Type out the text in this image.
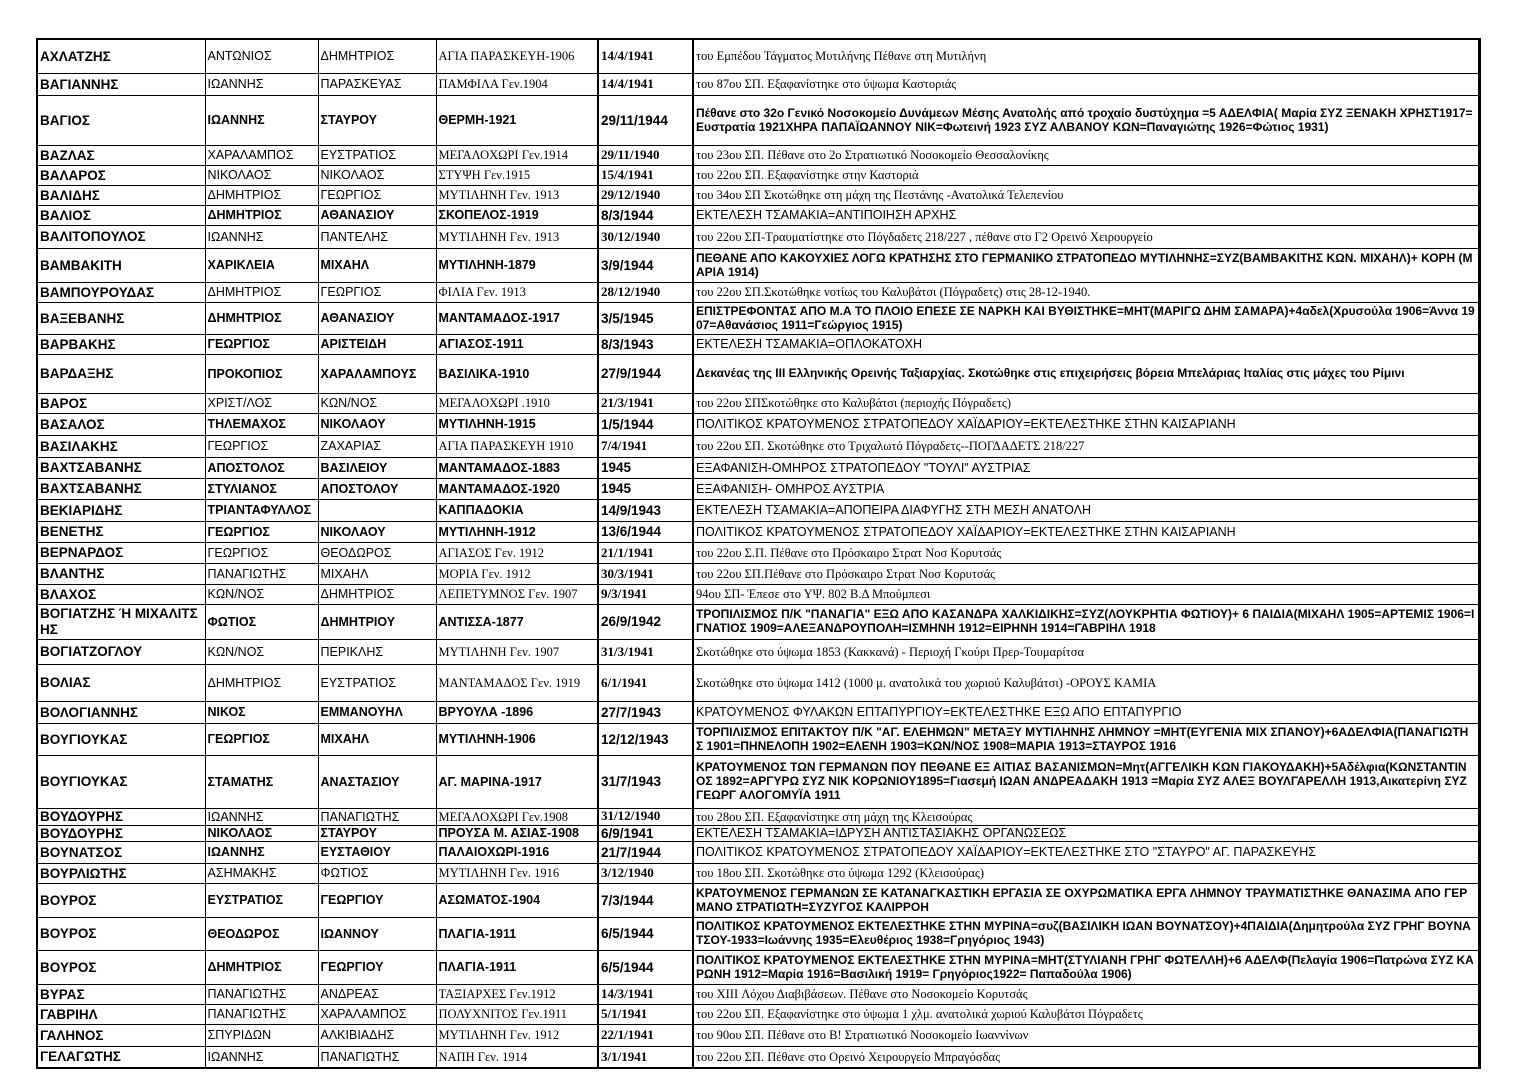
ΑΧΛΑΤΖΗΣ	ΑΝΤΩΝΙΟΣ	ΔΗΜΗΤΡΙΟΣ	ΑΓΙΑ ΠΑΡΑΣΚΕΥΗ-1906	14/4/1941	του Εμπέδου Τάγματος Μυτιλήνης Πέθανε στη Μυτιλήνη
ΒΑΓΙΑΝΝΗΣ	ΙΩΑΝΝΗΣ	ΠΑΡΑΣΚΕΥΑΣ	ΠΑΜΦΙΛΑ Γεν.1904	14/4/1941	του 87ου ΣΠ. Εξαφανίστηκε στο ύψωμα Καστοριάς
ΒΑΓΙΟΣ	ΙΩΑΝΝΗΣ	ΣΤΑΥΡΟΥ	ΘΕΡΜΗ-1921	29/11/1944	Πέθανε στο 32ο Γενικό Νοσοκομείο Δυνάμεων Μέσης Ανατολής από τροχαίο δυστύχημα =5 ΑΔΕΛΦΙΑ( Μαρία ΣΥΖ ΞΕΝΑΚΗ ΧΡΗΣΤ1917=Ευστρατία 1921ΧΗΡΑ ΠΑΠΑΪΩΑΝΝΟΥ ΝΙΚ=Φωτεινή 1923 ΣΥΖ ΑΛΒΑΝΟΥ ΚΩΝ=Παναγιώτης 1926=Φώτιος 1931)
ΒΑΖΛΑΣ	ΧΑΡΑΛΑΜΠΟΣ	ΕΥΣΤΡΑΤΙΟΣ	ΜΕΓΑΛΟΧΩΡΙ Γεν.1914	29/11/1940	του 23ου ΣΠ. Πέθανε στο 2ο Στρατιωτικό Νοσοκομείο Θεσσαλονίκης
ΒΑΛΑΡΟΣ	ΝΙΚΟΛΑΟΣ	ΝΙΚΟΛΑΟΣ	ΣΤΥΨΗ Γεν.1915	15/4/1941	του 22ου ΣΠ. Εξαφανίστηκε στην Καστοριά
ΒΑΛΙΔΗΣ	ΔΗΜΗΤΡΙΟΣ	ΓΕΩΡΓΙΟΣ	ΜΥΤΙΛΗΝΗ Γεν. 1913	29/12/1940	του 34ου ΣΠ Σκοτώθηκε στη μάχη της Πεστάνης -Ανατολικά Τελεπενίου
ΒΑΛΙΟΣ	ΔΗΜΗΤΡΙΟΣ	ΑΘΑΝΑΣΙΟΥ	ΣΚΟΠΕΛΟΣ-1919	8/3/1944	ΕΚΤΕΛΕΣΗ ΤΣΑΜΑΚΙΑ=ΑΝΤΙΠΟΙΗΣΗ ΑΡΧΗΣ
ΒΑΛΙΤΟΠΟΥΛΟΣ	ΙΩΑΝΝΗΣ	ΠΑΝΤΕΛΗΣ	ΜΥΤΙΛΗΝΗ Γεν. 1913	30/12/1940	του 22ου ΣΠ-Τραυματίστηκε στο Πόγδαδετς 218/227 , πέθανε στο Γ2 Ορεινό Χειρουργείο
ΒΑΜΒΑΚΙΤΗ	ΧΑΡΙΚΛΕΙΑ	ΜΙΧΑΗΛ	ΜΥΤΙΛΗΝΗ-1879	3/9/1944	ΠΕΘΑΝΕ ΑΠΟ ΚΑΚΟΥΧΙΕΣ ΛΟΓΩ ΚΡΑΤΗΣΗΣ ΣΤΟ ΓΕΡΜΑΝΙΚΟ ΣΤΡΑΤΟΠΕΔΟ ΜΥΤΙΛΗΝΗΣ=ΣΥΖ(ΒΑΜΒΑΚΙΤΗΣ ΚΩΝ. ΜΙΧΑΗΛ)+ ΚΟΡΗ (ΜΑΡΙΑ 1914)
ΒΑΜΠΟΥΡΟΥΔΑΣ	ΔΗΜΗΤΡΙΟΣ	ΓΕΩΡΓΙΟΣ	ΦΙΛΙΑ Γεν. 1913	28/12/1940	του 22ου ΣΠ.Σκοτώθηκε νοτίως του Καλυβάτσι (Πόγραδετς) στις 28-12-1940.
ΒΑΞΕΒΑΝΗΣ	ΔΗΜΗΤΡΙΟΣ	ΑΘΑΝΑΣΙΟΥ	ΜΑΝΤΑΜΑΔΟΣ-1917	3/5/1945	ΕΠΙΣΤΡΕΦΟΝΤΑΣ ΑΠΟ Μ.Α ΤΟ ΠΛΟΙΟ ΕΠΕΣΕ ΣΕ ΝΑΡΚΗ ΚΑΙ ΒΥΘΙΣΤΗΚΕ=ΜΗΤ(ΜΑΡΙΓΩ ΔΗΜ ΣΑΜΑΡΑ)+4αδελ(Χρυσούλα 1906=Άννα 1907=Αθανάσιος 1911=Γεώργιος 1915)
ΒΑΡΒΑΚΗΣ	ΓΕΩΡΓΙΟΣ	ΑΡΙΣΤΕΙΔΗ	ΑΓΙΑΣΟΣ-1911	8/3/1943	ΕΚΤΕΛΕΣΗ ΤΣΑΜΑΚΙΑ=ΟΠΛΟΚΑΤΟΧΗ
ΒΑΡΔΑΞΗΣ	ΠΡΟΚΟΠΙΟΣ	ΧΑΡΑΛΑΜΠΟΥΣ	ΒΑΣΙΛΙΚΑ-1910	27/9/1944	Δεκανέας της ΙΙΙ Ελληνικής Ορεινής Ταξιαρχίας. Σκοτώθηκε στις επιχειρήσεις βόρεια Μπελάριας Ιταλίας στις μάχες του Ρίμινι
ΒΑΡΟΣ	ΧΡΙΣΤ/ΛΟΣ	ΚΩΝ/ΝΟΣ	ΜΕΓΑΛΟΧΩΡΙ .1910	21/3/1941	του 22ου ΣΠΣκοτώθηκε στο Καλυβάτσι (περιοχής Πόγραδετς)
ΒΑΣΑΛΟΣ	ΤΗΛΕΜΑΧΟΣ	ΝΙΚΟΛΑΟΥ	ΜΥΤΙΛΗΝΗ-1915	1/5/1944	ΠΟΛΙΤΙΚΟΣ ΚΡΑΤΟΥΜΕΝΟΣ ΣΤΡΑΤΟΠΕΔΟΥ ΧΑΪΔΑΡΙΟΥ=ΕΚΤΕΛΕΣΤΗΚΕ ΣΤΗΝ ΚΑΙΣΑΡΙΑΝΗ
ΒΑΣΙΛΑΚΗΣ	ΓΕΩΡΓΙΟΣ	ΖΑΧΑΡΙΑΣ	ΑΓΙΑ ΠΑΡΑΣΚΕΥΗ 1910	7/4/1941	του 22ου ΣΠ. Σκοτώθηκε στο Τριχαλωτό Πόγραδετς--ΠΟΓΔΑΔΕΤΣ 218/227
ΒΑΧΤΣΑΒΑΝΗΣ	ΑΠΟΣΤΟΛΟΣ	ΒΑΣΙΛΕΙΟΥ	ΜΑΝΤΑΜΑΔΟΣ-1883	1945	ΕΞΑΦΑΝΙΣΗ-ΟΜΗΡΟΣ ΣΤΡΑΤΟΠΕΔΟΥ "ΤΟΥΛΙ" ΑΥΣΤΡΙΑΣ
ΒΑΧΤΣΑΒΑΝΗΣ	ΣΤΥΛΙΑΝΟΣ	ΑΠΟΣΤΟΛΟΥ	ΜΑΝΤΑΜΑΔΟΣ-1920	1945	ΕΞΑΦΑΝΙΣΗ- ΟΜΗΡΟΣ ΑΥΣΤΡΙΑ
ΒΕΚΙΑΡΙΔΗΣ	ΤΡΙΑΝΤΑΦΥΛΛΟΣ		ΚΑΠΠΑΔΟΚΙΑ	14/9/1943	ΕΚΤΕΛΕΣΗ ΤΣΑΜΑΚΙΑ=ΑΠΟΠΕΙΡΑ ΔΙΑΦΥΓΗΣ ΣΤΗ ΜΕΣΗ ΑΝΑΤΟΛΗ
ΒΕΝΕΤΗΣ	ΓΕΩΡΓΙΟΣ	ΝΙΚΟΛΑΟΥ	ΜΥΤΙΛΗΝΗ-1912	13/6/1944	ΠΟΛΙΤΙΚΟΣ ΚΡΑΤΟΥΜΕΝΟΣ ΣΤΡΑΤΟΠΕΔΟΥ ΧΑΪΔΑΡΙΟΥ=ΕΚΤΕΛΕΣΤΗΚΕ ΣΤΗΝ ΚΑΙΣΑΡΙΑΝΗ
ΒΕΡΝΑΡΔΟΣ	ΓΕΩΡΓΙΟΣ	ΘΕΟΔΩΡΟΣ	ΑΓΙΑΣΟΣ Γεν. 1912	21/1/1941	του 22ου Σ.Π. Πέθανε στο Πρόσκαιρο Στρατ Νοσ Κορυτσάς
ΒΛΑΝΤΗΣ	ΠΑΝΑΓΙΩΤΗΣ	ΜΙΧΑΗΛ	ΜΟΡΙΑ Γεν. 1912	30/3/1941	του 22ου ΣΠ.Πέθανε στο Πρόσκαιρο Στρατ Νοσ Κορυτσάς
ΒΛΑΧΟΣ	ΚΩΝ/ΝΟΣ	ΔΗΜΗΤΡΙΟΣ	ΛΕΠΕΤΥΜΝΟΣ Γεν. 1907	9/3/1941	94ου ΣΠ- Έπεσε στο ΥΨ. 802 Β.Δ Μπούμπεσι
ΒΟΓΙΑΤΖΗΣ Ή ΜΙΧΑΛΙΤΣΗΣ	ΦΩΤΙΟΣ	ΔΗΜΗΤΡΙΟΥ	ΑΝΤΙΣΣΑ-1877	26/9/1942	ΤΡΟΠΙΛΙΣΜΟΣ Π/Κ "ΠΑΝΑΓΙΑ" ΕΞΩ ΑΠΟ ΚΑΣΑΝΔΡΑ ΧΑΛΚΙΔΙΚΗΣ=ΣΥΖ(ΛΟΥΚΡΗΤΙΑ ΦΩΤΙΟΥ)+ 6 ΠΑΙΔΙΑ(ΜΙΧΑΗΛ 1905=ΑΡΤΕΜΙΣ 1906=ΙΓΝΑΤΙΟΣ 1909=ΑΛΕΞΑΝΔΡΟΥΠΟΛΗ=ΙΣΜΗΝΗ 1912=ΕΙΡΗΝΗ 1914=ΓΑΒΡΙΗΛ 1918
ΒΟΓΙΑΤΖΟΓΛΟΥ	ΚΩΝ/ΝΟΣ	ΠΕΡΙΚΛΗΣ	ΜΥΤΙΛΗΝΗ Γεν. 1907	31/3/1941	Σκοτώθηκε στο ύψωμα 1853 (Κακκανά) - Περιοχή Γκούρι Πρερ-Τουμαρίτσα
ΒΟΛΙΑΣ	ΔΗΜΗΤΡΙΟΣ	ΕΥΣΤΡΑΤΙΟΣ	ΜΑΝΤΑΜΑΔΟΣ Γεν. 1919	6/1/1941	Σκοτώθηκε στο ύψωμα 1412 (1000 μ. ανατολικά του χωριού Καλυβάτσι) -ΟΡΟΥΣ ΚΑΜΙΑ
ΒΟΛΟΓΙΑΝΝΗΣ	ΝΙΚΟΣ	ΕΜΜΑΝΟΥΗΛ	ΒΡΥΟΥΛΑ -1896	27/7/1943	ΚΡΑΤΟΥΜΕΝΟΣ ΦΥΛΑΚΩΝ ΕΠΤΑΠΥΡΓΙΟΥ=ΕΚΤΕΛΕΣΤΗΚΕ ΕΞΩ ΑΠΟ ΕΠΤΑΠΥΡΓΙΟ
ΒΟΥΓΙΟΥΚΑΣ	ΓΕΩΡΓΙΟΣ	ΜΙΧΑΗΛ	ΜΥΤΙΛΗΝΗ-1906	12/12/1943	ΤΟΡΠΙΛΙΣΜΟΣ ΕΠΙΤΑΚΤΟΥ Π/Κ "ΑΓ. ΕΛΕΗΜΩΝ" ΜΕΤΑΞΥ ΜΥΤΙΛΗΝΗΣ ΛΗΜΝΟΥ =ΜΗΤ(ΕΥΓΕΝΙΑ ΜΙΧ ΣΠΑΝΟΥ)+6ΑΔΕΛΦΙΑ(ΠΑΝΑΓΙΩΤΗΣ 1901=ΠΗΝΕΛΟΠΗ 1902=ΕΛΕΝΗ 1903=ΚΩΝ/ΝΟΣ 1908=ΜΑΡΙΑ 1913=ΣΤΑΥΡΟΣ 1916
ΒΟΥΓΙΟΥΚΑΣ	ΣΤΑΜΑΤΗΣ	ΑΝΑΣΤΑΣΙΟΥ	ΑΓ. ΜΑΡΙΝΑ-1917	31/7/1943	ΚΡΑΤΟΥΜΕΝΟΣ ΤΩΝ ΓΕΡΜΑΝΩΝ ΠΟΥ ΠΕΘΑΝΕ ΕΞ ΑΙΤΙΑΣ ΒΑΣΑΝΙΣΜΩΝ=Μητ(ΑΓΓΕΛΙΚΗ ΚΩΝ ΓΙΑΚΟΥΔΑΚΗ)+5Αδέλφια(ΚΩΝΣΤΑΝΤΙΝΟΣ 1892=ΑΡΓΥΡΩ ΣΥΖ ΝΙΚ ΚΟΡΩΝΙΟΥ1895=Γιασεμή ΙΩΑΝ ΑΝΔΡΕΑΔΑΚΗ 1913 =Μαρία ΣΥΖ ΑΛΕΞ ΒΟΥΛΓΑΡΕΛΛΗ 1913,Αικατερίνη ΣΥΖ ΓΕΩΡΓ ΑΛΟΓΟΜΥΪΑ 1911
ΒΟΥΔΟΥΡΗΣ	ΙΩΑΝΝΗΣ	ΠΑΝΑΓΙΩΤΗΣ	ΜΕΓΑΛΟΧΩΡΙ Γεν.1908	31/12/1940	του 28ου ΣΠ. Εξαφανίστηκε στη μάχη της Κλεισούρας
ΒΟΥΔΟΥΡΗΣ	ΝΙΚΟΛΑΟΣ	ΣΤΑΥΡΟΥ	ΠΡΟΥΣΑ Μ. ΑΣΙΑΣ-1908	6/9/1941	ΕΚΤΕΛΕΣΗ ΤΣΑΜΑΚΙΑ=ΙΔΡΥΣΗ ΑΝΤΙΣΤΑΣΙΑΚΗΣ ΟΡΓΑΝΩΣΕΩΣ
ΒΟΥΝΑΤΣΟΣ	ΙΩΑΝΝΗΣ	ΕΥΣΤΑΘΙΟΥ	ΠΑΛΑΙΟΧΩΡΙ-1916	21/7/1944	ΠΟΛΙΤΙΚΟΣ ΚΡΑΤΟΥΜΕΝΟΣ ΣΤΡΑΤΟΠΕΔΟΥ ΧΑΪΔΑΡΙΟΥ=ΕΚΤΕΛΕΣΤΗΚΕ ΣΤΟ "ΣΤΑΥΡΟ" ΑΓ. ΠΑΡΑΣΚΕΥΗΣ
ΒΟΥΡΛΙΩΤΗΣ	ΑΣΗΜΑΚΗΣ	ΦΩΤΙΟΣ	ΜΥΤΙΛΗΝΗ Γεν. 1916	3/12/1940	του 18ου ΣΠ. Σκοτώθηκε στο ύψωμα 1292 (Κλεισούρας)
ΒΟΥΡΟΣ	ΕΥΣΤΡΑΤΙΟΣ	ΓΕΩΡΓΙΟΥ	ΑΣΩΜΑΤΟΣ-1904	7/3/1944	ΚΡΑΤΟΥΜΕΝΟΣ ΓΕΡΜΑΝΩΝ ΣΕ ΚΑΤΑΝΑΓΚΑΣΤΙΚΗ ΕΡΓΑΣΙΑ ΣΕ ΟΧΥΡΩΜΑΤΙΚΑ ΕΡΓΑ ΛΗΜΝΟΥ ΤΡΑΥΜΑΤΙΣΤΗΚΕ ΘΑΝΑΣΙΜΑ ΑΠΟ ΓΕΡΜΑΝΟ ΣΤΡΑΤΙΩΤΗ=ΣΥΖΥΓΟΣ ΚΑΛΙΡΡΟΗ
ΒΟΥΡΟΣ	ΘΕΟΔΩΡΟΣ	ΙΩΑΝΝΟΥ	ΠΛΑΓΙΑ-1911	6/5/1944	ΠΟΛΙΤΙΚΟΣ ΚΡΑΤΟΥΜΕΝΟΣ ΕΚΤΕΛΕΣΤΗΚΕ ΣΤΗΝ ΜΥΡΙΝΑ=συζ(ΒΑΣΙΛΙΚΗ ΙΩΑΝ ΒΟΥΝΑΤΣΟΥ)+4ΠΑΙΔΙΑ(Δημητρούλα ΣΥΖ ΓΡΗΓ ΒΟΥΝΑΤΣΟΥ-1933=Ιωάννης 1935=Ελευθέριος 1938=Γρηγόριος 1943)
ΒΟΥΡΟΣ	ΔΗΜΗΤΡΙΟΣ	ΓΕΩΡΓΙΟΥ	ΠΛΑΓΙΑ-1911	6/5/1944	ΠΟΛΙΤΙΚΟΣ ΚΡΑΤΟΥΜΕΝΟΣ ΕΚΤΕΛΕΣΤΗΚΕ ΣΤΗΝ ΜΥΡΙΝΑ=ΜΗΤ(ΣΤΥΛΙΑΝΗ ΓΡΗΓ ΦΩΤΕΛΛΗ)+6 ΑΔΕΛΦ(Πελαγία 1906=Πατρώνα ΣΥΖ ΚΑΡΩΝΗ 1912=Μαρία 1916=Βασιλική 1919= Γρηγόριος1922= Παπαδούλα 1906)
ΒΥΡΑΣ	ΠΑΝΑΓΙΩΤΗΣ	ΑΝΔΡΕΑΣ	ΤΑΞΙΑΡΧΕΣ Γεν.1912	14/3/1941	του XIII Λόχου Διαβιβάσεων. Πέθανε στο Νοσοκομείο Κορυτσάς
ΓΑΒΡΙΗΛ	ΠΑΝΑΓΙΩΤΗΣ	ΧΑΡΑΛΑΜΠΟΣ	ΠΟΛΥΧΝΙΤΟΣ Γεν.1911	5/1/1941	του 22ου ΣΠ. Εξαφανίστηκε στο ύψωμα 1 χλμ. ανατολικά χωριού Καλυβάτσι Πόγραδετς
ΓΑΛΗΝΟΣ	ΣΠΥΡΙΔΩΝ	ΑΛΚΙΒΙΑΔΗΣ	ΜΥΤΙΛΗΝΗ Γεν. 1912	22/1/1941	του 90ου ΣΠ. Πέθανε στο Β! Στρατιωτικό Νοσοκομείο Ιωαννίνων
ΓΕΛΑΓΩΤΗΣ	ΙΩΑΝΝΗΣ	ΠΑΝΑΓΙΩΤΗΣ	ΝΑΠΗ Γεν. 1914	3/1/1941	του 22ου ΣΠ. Πέθανε στο Ορεινό Χειρουργείο Μπραγόσδας
